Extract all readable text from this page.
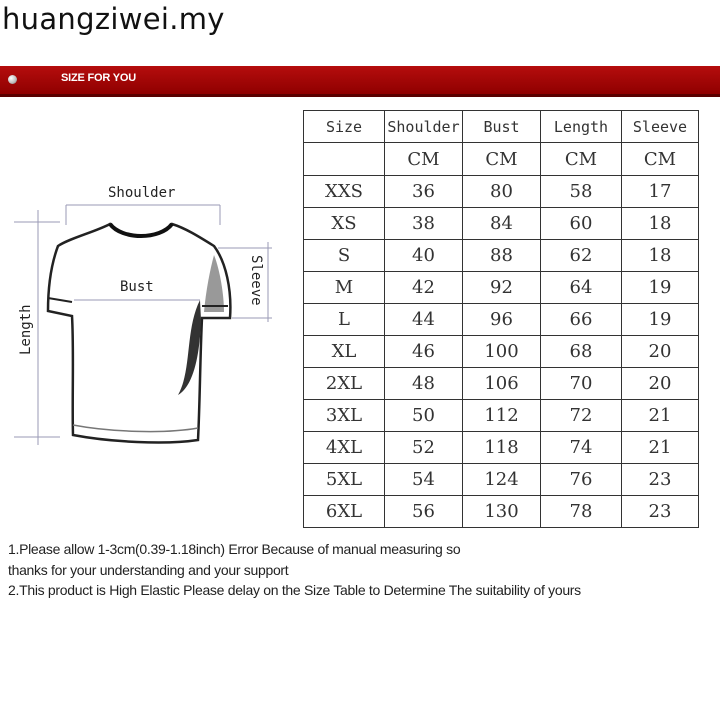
huangziwei.my
SIZE FOR YOU
Shoulder
Length
Sleeve
Bust
Size	Shoulder	Bust	Length	Sleeve
	CM	CM	CM	CM
XXS	36	80	58	17
XS	38	84	60	18
S	40	88	62	18
M	42	92	64	19
L	44	96	66	19
XL	46	100	68	20
2XL	48	106	70	20
3XL	50	112	72	21
4XL	52	118	74	21
5XL	54	124	76	23
6XL	56	130	78	23
1.Please allow 1-3cm(0.39-1.18inch) Error Because of manual measuring so
thanks for your understanding and your support
2.This product is High Elastic Please delay on the Size Table to Determine The suitability of yours
